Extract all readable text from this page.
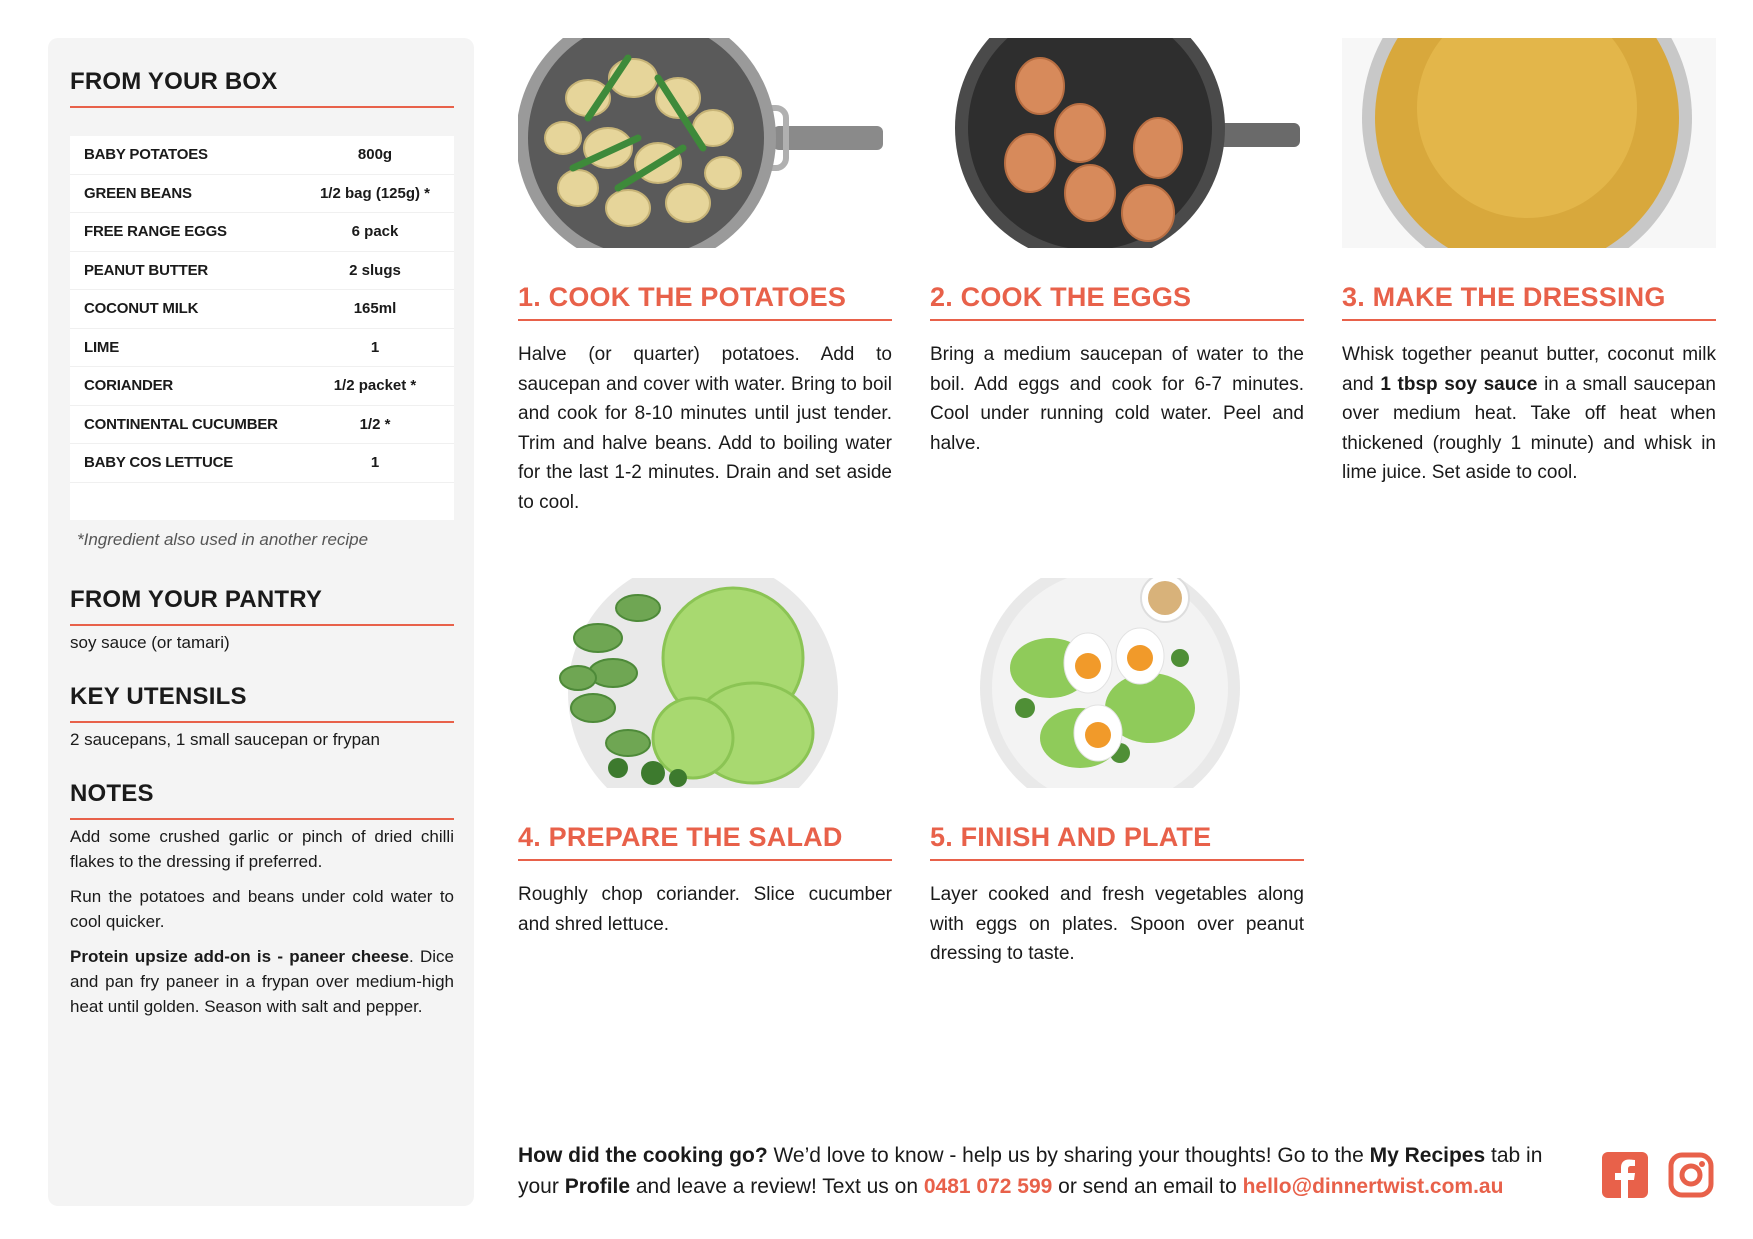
FROM YOUR BOX
BABY POTATOES	800g
GREEN BEANS	1/2 bag (125g) *
FREE RANGE EGGS	6 pack
PEANUT BUTTER	2 slugs
COCONUT MILK	165ml
LIME	1
CORIANDER	1/2 packet *
CONTINENTAL CUCUMBER	1/2 *
BABY COS LETTUCE	1
*Ingredient also used in another recipe
FROM YOUR PANTRY
soy sauce (or tamari)
KEY UTENSILS
2 saucepans, 1 small saucepan or frypan
NOTES

Add some crushed garlic or pinch of dried chilli flakes to the dressing if preferred.

Run the potatoes and beans under cold water to cool quicker.

Protein upsize add-on is - paneer cheese. Dice and pan fry paneer in a frypan over medium-high heat until golden. Season with salt and pepper.

1. COOK THE POTATOES
Halve (or quarter) potatoes. Add to saucepan and cover with water. Bring to boil and cook for 8-10 minutes until just tender. Trim and halve beans. Add to boiling water for the last 1-2 minutes. Drain and set aside to cool.
2. COOK THE EGGS
Bring a medium saucepan of water to the boil. Add eggs and cook for 6-7 minutes. Cool under running cold water. Peel and halve.
3. MAKE THE DRESSING
Whisk together peanut butter, coconut milk and 1 tbsp soy sauce in a small saucepan over medium heat. Take off heat when thickened (roughly 1 minute) and whisk in lime juice. Set aside to cool.
4. PREPARE THE SALAD
Roughly chop coriander. Slice cucumber and shred lettuce.
5. FINISH AND PLATE
Layer cooked and fresh vegetables along with eggs on plates. Spoon over peanut dressing to taste.
How did the cooking go? We’d love to know - help us by sharing your thoughts! Go to the My Recipes tab in your Profile and leave a review! Text us on 0481 072 599 or send an email to hello@dinnertwist.com.au
